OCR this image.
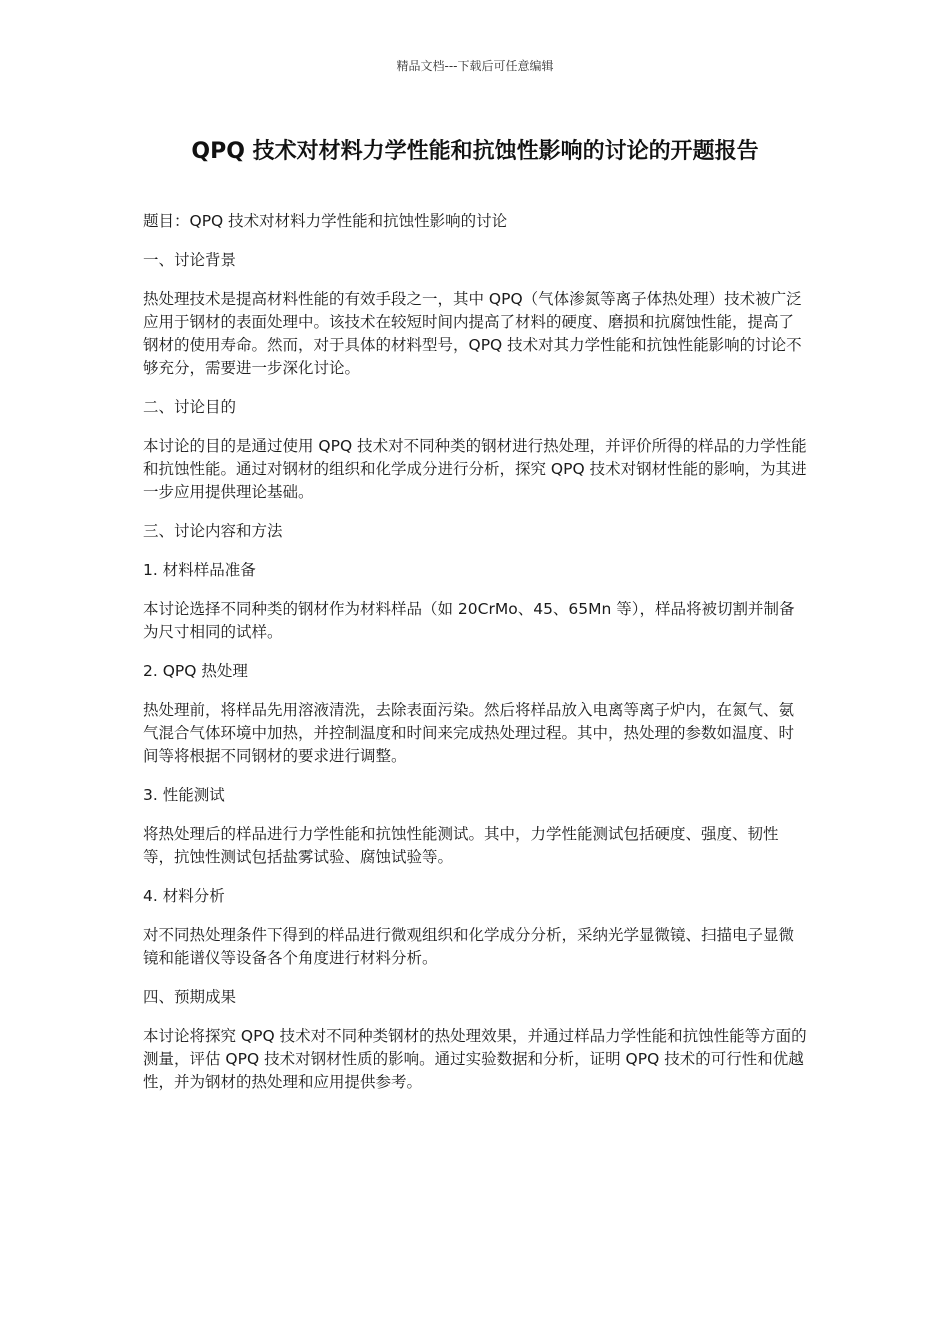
精品文档---下载后可任意编辑
QPQ 技术对材料力学性能和抗蚀性影响的讨论的开题报告

题目：QPQ 技术对材料力学性能和抗蚀性影响的讨论

一、讨论背景

热处理技术是提高材料性能的有效手段之一，其中 QPQ（气体渗氮等离子体热处理）技术被广泛应用于钢材的表面处理中。该技术在较短时间内提高了材料的硬度、磨损和抗腐蚀性能，提高了钢材的使用寿命。然而，对于具体的材料型号，QPQ 技术对其力学性能和抗蚀性能影响的讨论不够充分，需要进一步深化讨论。

二、讨论目的

本讨论的目的是通过使用 QPQ 技术对不同种类的钢材进行热处理，并评价所得的样品的力学性能和抗蚀性能。通过对钢材的组织和化学成分进行分析，探究 QPQ 技术对钢材性能的影响，为其进一步应用提供理论基础。

三、讨论内容和方法

1. 材料样品准备

本讨论选择不同种类的钢材作为材料样品（如 20CrMo、45、65Mn 等），样品将被切割并制备为尺寸相同的试样。

2. QPQ 热处理

热处理前，将样品先用溶液清洗，去除表面污染。然后将样品放入电离等离子炉内，在氮气、氨气混合气体环境中加热，并控制温度和时间来完成热处理过程。其中，热处理的参数如温度、时间等将根据不同钢材的要求进行调整。

3. 性能测试

将热处理后的样品进行力学性能和抗蚀性能测试。其中，力学性能测试包括硬度、强度、韧性等，抗蚀性测试包括盐雾试验、腐蚀试验等。

4. 材料分析

对不同热处理条件下得到的样品进行微观组织和化学成分分析，采纳光学显微镜、扫描电子显微镜和能谱仪等设备各个角度进行材料分析。

四、预期成果

本讨论将探究 QPQ 技术对不同种类钢材的热处理效果，并通过样品力学性能和抗蚀性能等方面的测量，评估 QPQ 技术对钢材性质的影响。通过实验数据和分析，证明 QPQ 技术的可行性和优越性，并为钢材的热处理和应用提供参考。
